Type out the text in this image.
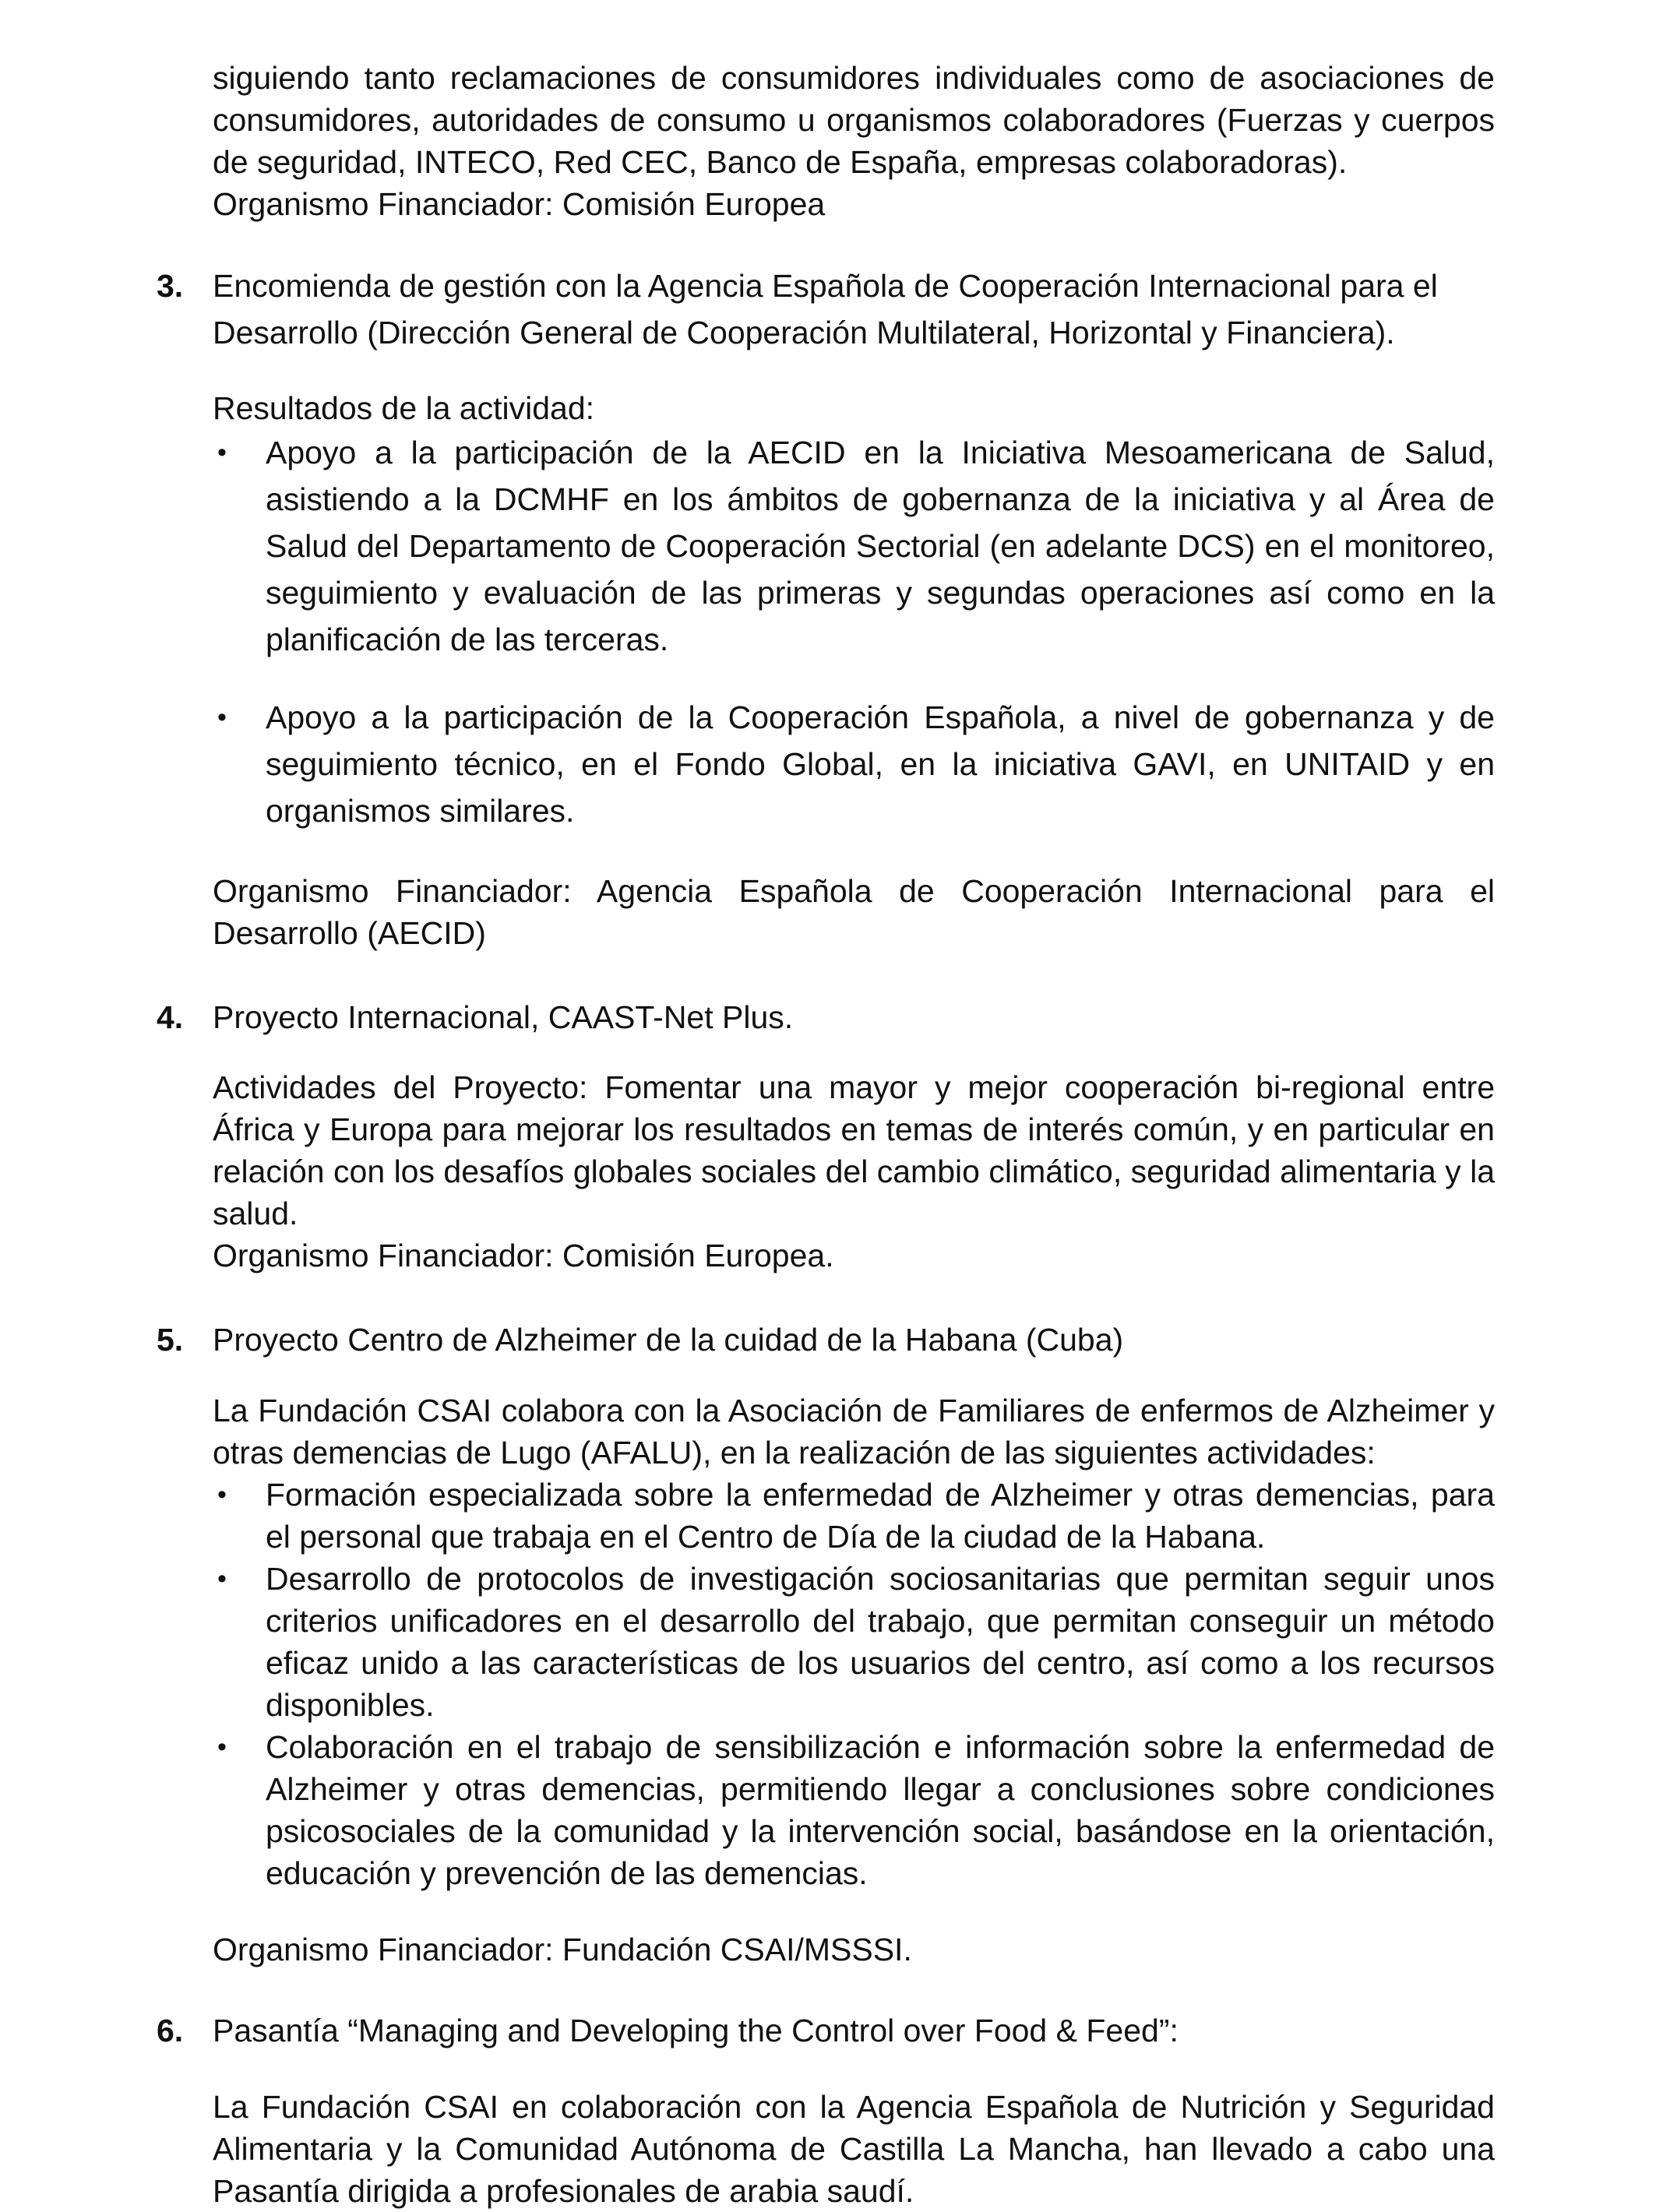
siguiendo tanto reclamaciones de consumidores individuales como de asociaciones de consumidores, autoridades de consumo u organismos colaboradores (Fuerzas y cuerpos de seguridad, INTECO, Red CEC, Banco de España, empresas colaboradoras).

Organismo Financiador: Comisión Europea

3. Encomienda de gestión con la Agencia Española de Cooperación Internacional para el Desarrollo (Dirección General de Cooperación Multilateral, Horizontal y Financiera).

Resultados de la actividad:

• Apoyo a la participación de la AECID en la Iniciativa Mesoamericana de Salud, asistiendo a la DCMHF en los ámbitos de gobernanza de la iniciativa y al Área de Salud del Departamento de Cooperación Sectorial (en adelante DCS) en el monitoreo, seguimiento y evaluación de las primeras y segundas operaciones así como en la planificación de las terceras.
• Apoyo a la participación de la Cooperación Española, a nivel de gobernanza y de seguimiento técnico, en el Fondo Global, en la iniciativa GAVI, en UNITAID y en organismos similares.

Organismo Financiador: Agencia Española de Cooperación Internacional para el Desarrollo (AECID)

4. Proyecto Internacional, CAAST-Net Plus.

Actividades del Proyecto: Fomentar una mayor y mejor cooperación bi-regional entre África y Europa para mejorar los resultados en temas de interés común, y en particular en relación con los desafíos globales sociales del cambio climático, seguridad alimentaria y la salud.

Organismo Financiador: Comisión Europea.

5. Proyecto Centro de Alzheimer de la cuidad de la Habana (Cuba)

La Fundación CSAI colabora con la Asociación de Familiares de enfermos de Alzheimer y otras demencias de Lugo (AFALU), en la realización de las siguientes actividades:

• Formación especializada sobre la enfermedad de Alzheimer y otras demencias, para el personal que trabaja en el Centro de Día de la ciudad de la Habana.
• Desarrollo de protocolos de investigación sociosanitarias que permitan seguir unos criterios unificadores en el desarrollo del trabajo, que permitan conseguir un método eficaz unido a las características de los usuarios del centro, así como a los recursos disponibles.
• Colaboración en el trabajo de sensibilización e información sobre la enfermedad de Alzheimer y otras demencias, permitiendo llegar a conclusiones sobre condiciones psicosociales de la comunidad y la intervención social, basándose en la orientación, educación y prevención de las demencias.

Organismo Financiador: Fundación CSAI/MSSSI.

6. Pasantía “Managing and Developing the Control over Food & Feed”:

La Fundación CSAI en colaboración con la Agencia Española de Nutrición y Seguridad Alimentaria y la Comunidad Autónoma de Castilla La Mancha, han llevado a cabo una Pasantía dirigida a profesionales de arabia saudí.
